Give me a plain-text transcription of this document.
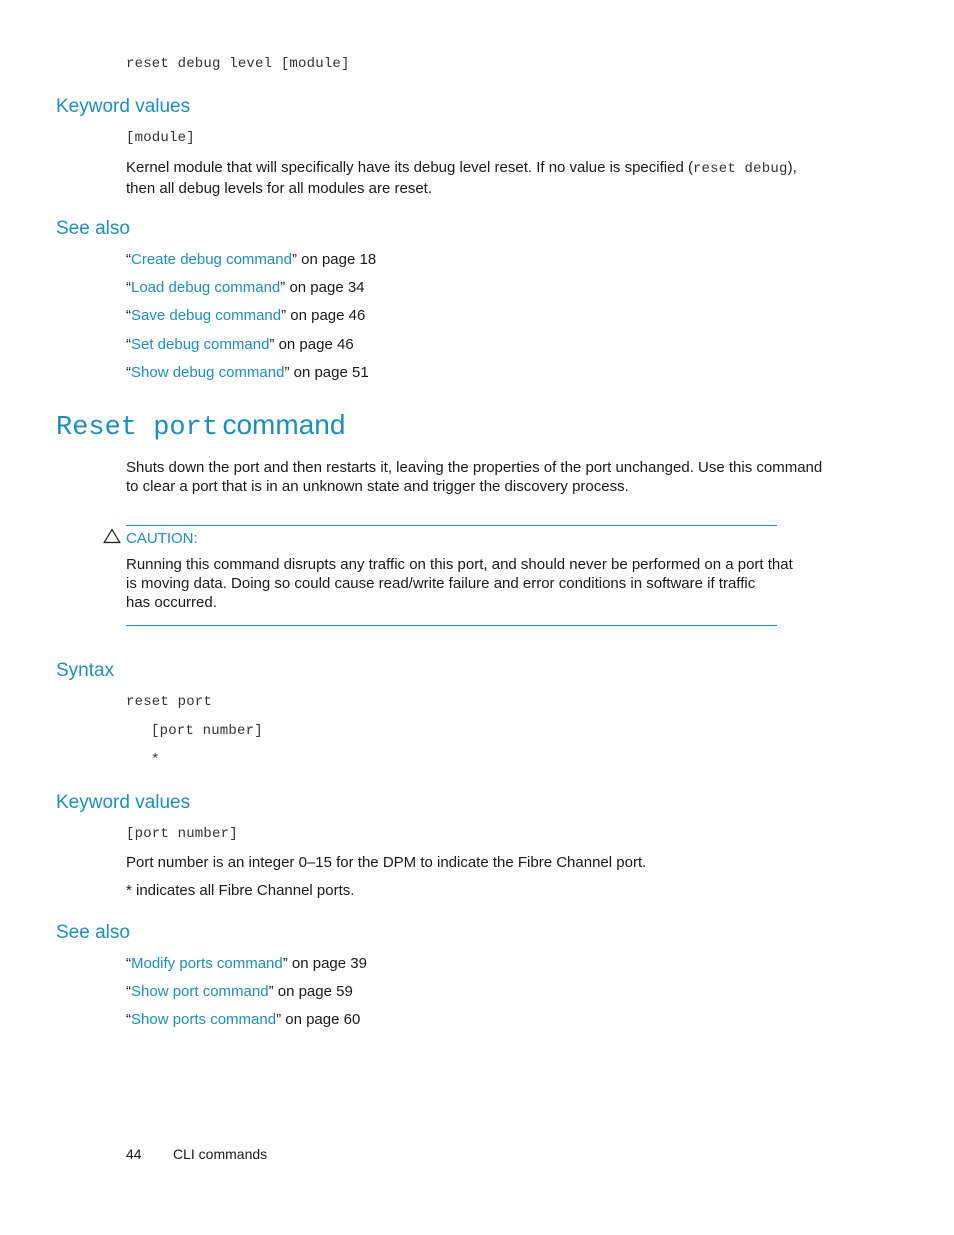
reset debug level [module]
Keyword values
[module]
Kernel module that will specifically have its debug level reset. If no value is specified (reset debug),
then all debug levels for all modules are reset.
See also
“Create debug command” on page 18
“Load debug command” on page 34
“Save debug command” on page 46
“Set debug command” on page 46
“Show debug command” on page 51
Reset port command
Shuts down the port and then restarts it, leaving the properties of the port unchanged. Use this command
to clear a port that is in an unknown state and trigger the discovery process.
CAUTION:
Running this command disrupts any traffic on this port, and should never be performed on a port that
is moving data. Doing so could cause read/write failure and error conditions in software if traffic
has occurred.
Syntax
reset port
[port number]
*
Keyword values
[port number]
Port number is an integer 0–15 for the DPM to indicate the Fibre Channel port.
* indicates all Fibre Channel ports.
See also
“Modify ports command” on page 39
“Show port command” on page 59
“Show ports command” on page 60
44 CLI commands
